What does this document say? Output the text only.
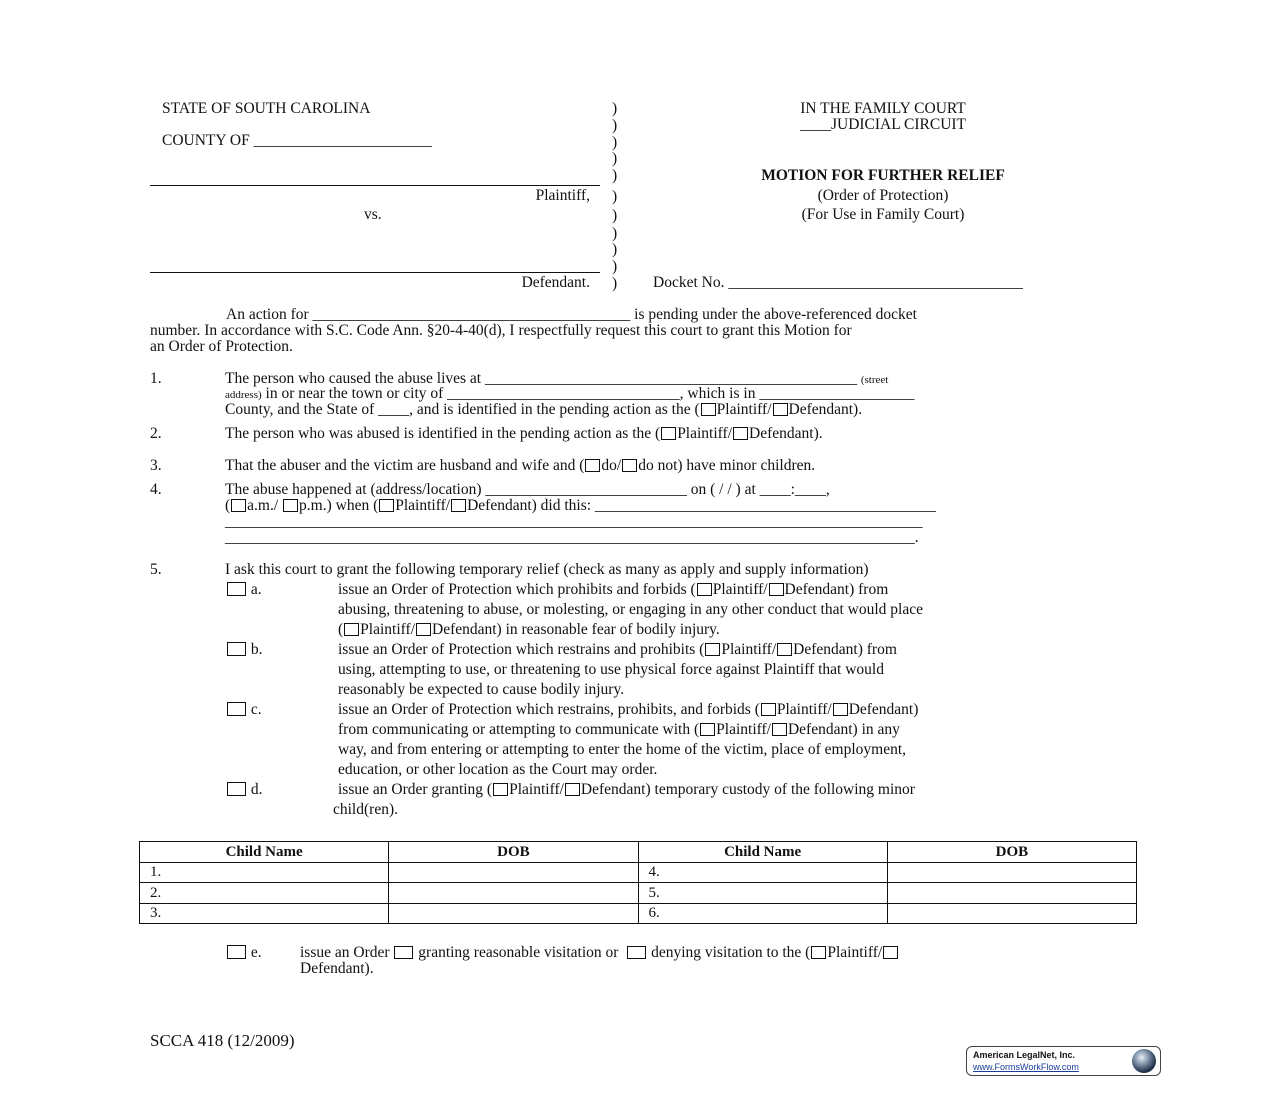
STATE OF SOUTH CAROLINA
COUNTY OF _______________________
Plaintiff,
vs.
Defendant.
)
)
)
)
)
)
)
)
)
)
)
IN THE FAMILY COURT
____JUDICIAL CIRCUIT
MOTION FOR FURTHER RELIEF
(Order of Protection)
(For Use in Family Court)
Docket No. ______________________________________
An action for _________________________________________ is pending under the above-referenced docket
number. In accordance with S.C. Code Ann. §20-4-40(d), I respectfully request this court to grant this Motion for
an Order of Protection.
1.	The person who caused the abuse lives at ________________________________________________ (street
address) in or near the town or city of ______________________________, which is in ____________________
County, and the State of ____, and is identified in the pending action as the ( Plaintiff/ Defendant).
2.	The person who was abused is identified in the pending action as the ( Plaintiff/ Defendant).
3.	That the abuser and the victim are husband and wife and ( do/ do not) have minor children.
4.	The abuse happened at (address/location) __________________________ on ( / / ) at ____:____,
( a.m./ p.m.) when ( Plaintiff/ Defendant) did this: ____________________________________________
__________________________________________________________________________________________
_________________________________________________________________________________________.
5.	I ask this court to grant the following temporary relief (check as many as apply and supply information)
a.	issue an Order of Protection which prohibits and forbids ( Plaintiff/ Defendant) from
abusing, threatening to abuse, or molesting, or engaging in any other conduct that would place
( Plaintiff/ Defendant) in reasonable fear of bodily injury.
b.	issue an Order of Protection which restrains and prohibits ( Plaintiff/ Defendant) from
using, attempting to use, or threatening to use physical force against Plaintiff that would
reasonably be expected to cause bodily injury.
c.	issue an Order of Protection which restrains, prohibits, and forbids ( Plaintiff/ Defendant)
from communicating or attempting to communicate with ( Plaintiff/ Defendant) in any
way, and from entering or attempting to enter the home of the victim, place of employment,
education, or other location as the Court may order.
d.	issue an Order granting ( Plaintiff/ Defendant) temporary custody of the following minor
child(ren).
Child Name	DOB	Child Name	DOB
1.		4.	
2.		5.	
3.		6.	
e. issue an Order granting reasonable visitation or denying visitation to the ( Plaintiff/
Defendant).
SCCA 418 (12/2009)
American LegalNet, Inc.
www.FormsWorkFlow.com
